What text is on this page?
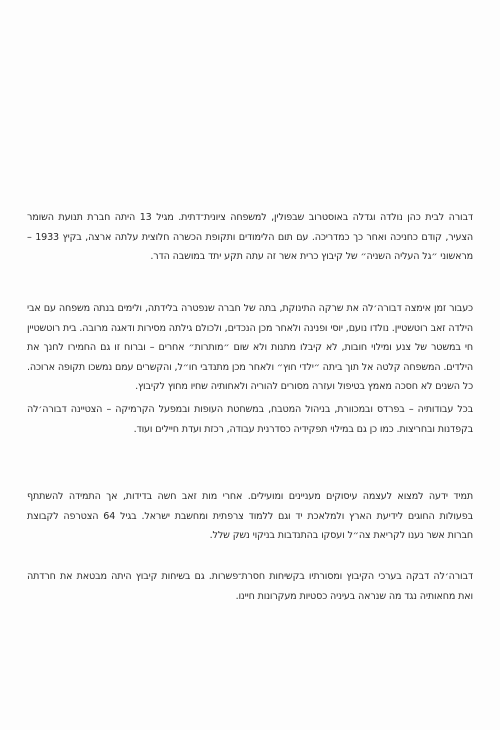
דבורה לבית כהן נולדה וגדלה באוסטרוב שבפולין, למשפחה ציונית־דתית. מגיל 13 היתה חברת תנועת השומר הצעיר, קודם כחניכה ואחר כך כמדריכה. עם תום הלימודים ותקופת הכשרה חלוצית עלתה ארצה, בקיץ 1933 – מראשוני ״גל העליה השניה״ של קיבוץ כרית אשר זה עתה תקע יתד במושבה הדר.

כעבור זמן אימצה דבורה׳לה את שרקה התינוקת, בתה של חברה שנפטרה בלידתה, ולימים בנתה משפחה עם אבי הילדה זאב רוטשטיין. נולדו נועם, יוסי ופנינה ולאחר מכן הנכדים, ולכולם גילתה מסירות ודאגה מרובה. בית רוטשטיין חי במשטר של צנע ומילוי חובות, לא קיבלו מתנות ולא שום ״מותרות״ אחרים – וברוח זו גם החמירו לחנך את הילדים. המשפחה קלטה אל תוך ביתה ״ילדי חוץ״ ולאחר מכן מתנדבי חו״ל, והקשרים עמם נמשכו תקופה ארוכה. כל השנים לא חסכה מאמץ בטיפול ועזרה מסורים להוריה ולאחותיה שחיו מחוץ לקיבוץ.

בכל עבודותיה – בפרדס ובמכוורת, בניהול המטבח, במשחטת העופות ובמפעל הקרמיקה – הצטיינה דבורה׳לה בקפדנות ובחריצות. כמו כן גם במילוי תפקידיה כסדרנית עבודה, רכזת ועדת חיילים ועוד.

תמיד ידעה למצוא לעצמה עיסוקים מעניינים ומועילים. אחרי מות זאב חשה בדידות, אך התמידה להשתתף בפעולות החוגים לידיעת הארץ ולמלאכת יד וגם ללמוד צרפתית ומחשבת ישראל. בגיל 64 הצטרפה לקבוצת חברות אשר נענו לקריאת צה״ל ועסקו בהתנדבות בניקוי נשק שלל.

דבורה׳לה דבקה בערכי הקיבוץ ומסורתיו בקשיחות חסרת־פשרות. גם בשיחות קיבוץ היתה מבטאת את חרדתה ואת מחאותיה נגד מה שנראה בעיניה כסטיות מעקרונות חיינו.
